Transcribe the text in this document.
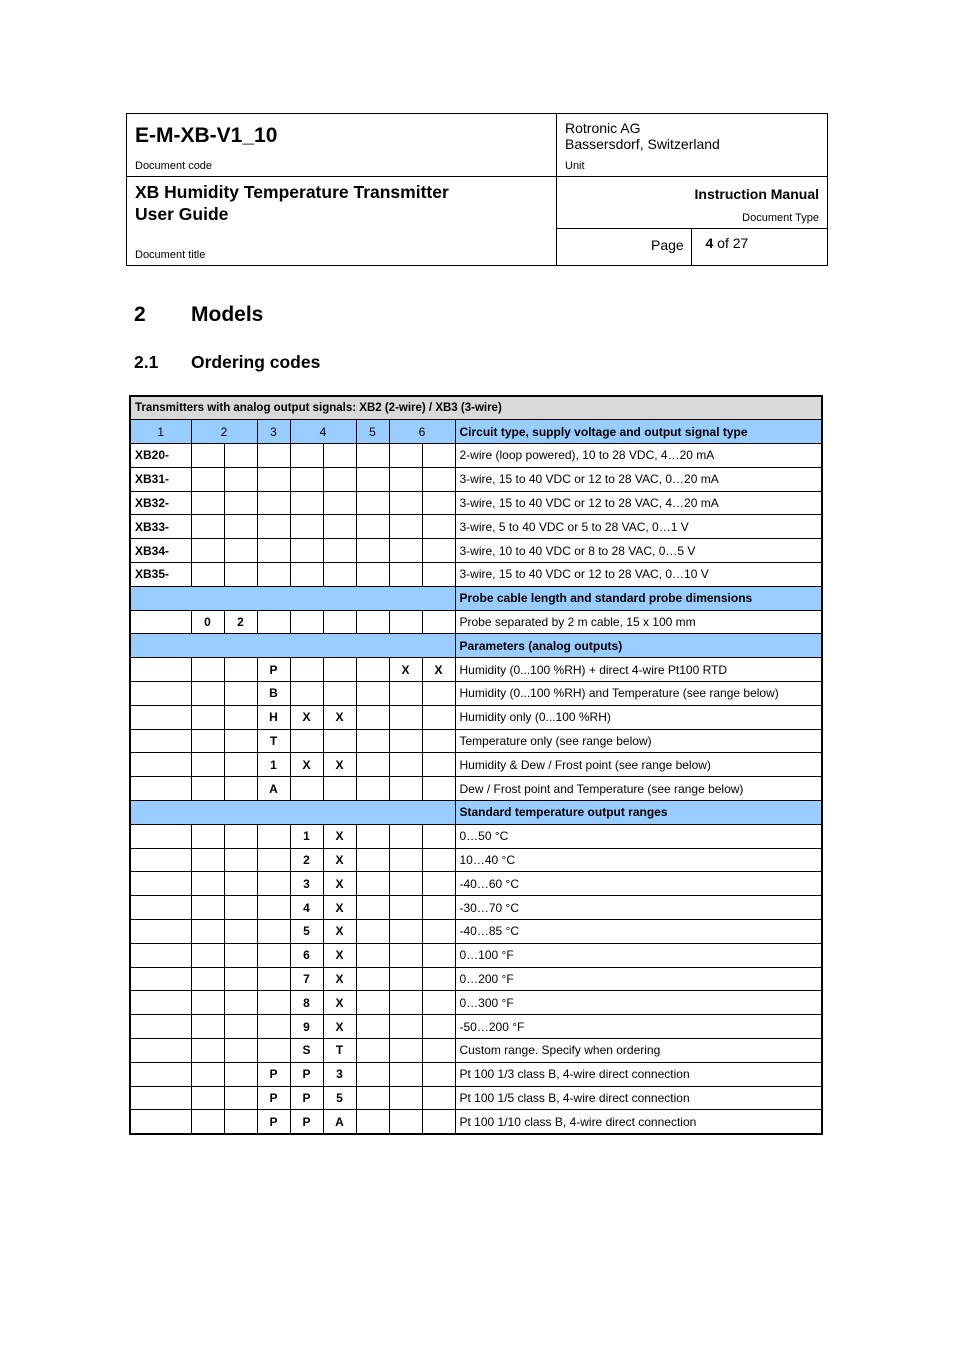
E-M-XB-V1_10
Document code
Rotronic AG
Bassersdorf, Switzerland
Unit
XB Humidity Temperature Transmitter
User Guide
Document title
Instruction Manual
Document Type
Page 4 of 27
2 Models
2.1 Ordering codes
Transmitters with analog output signals: XB2 (2-wire) / XB3 (3-wire)									
1	2		3	4		5	6		Circuit type, supply voltage and output signal type
XB20-									2-wire (loop powered), 10 to 28 VDC, 4…20 mA
XB31-									3-wire, 15 to 40 VDC or 12 to 28 VAC, 0…20 mA
XB32-									3-wire, 15 to 40 VDC or 12 to 28 VAC, 4…20 mA
XB33-									3-wire, 5 to 40 VDC or 5 to 28 VAC, 0…1 V
XB34-									3-wire, 10 to 40 VDC or 8 to 28 VAC, 0…5 V
XB35-									3-wire, 15 to 40 VDC or 12 to 28 VAC, 0…10 V
									Probe cable length and standard probe dimensions
	0	2							Probe separated by 2 m cable, 15 x 100 mm
									Parameters (analog outputs)
			P				X	X	Humidity (0...100 %RH) + direct 4-wire Pt100 RTD
			B						Humidity (0...100 %RH) and Temperature (see range below)
			H	X	X				Humidity only (0...100 %RH)
			T						Temperature only (see range below)
			1	X	X				Humidity & Dew / Frost point (see range below)
			A						Dew / Frost point and Temperature (see range below)
									Standard temperature output ranges
				1	X				0…50 °C
				2	X				10…40 °C
				3	X				-40…60 °C
				4	X				-30…70 °C
				5	X				-40…85 °C
				6	X				0…100 °F
				7	X				0…200 °F
				8	X				0…300 °F
				9	X				-50…200 °F
				S	T				Custom range. Specify when ordering
			P	P	3				Pt 100 1/3 class B, 4-wire direct connection
			P	P	5				Pt 100 1/5 class B, 4-wire direct connection
			P	P	A				Pt 100 1/10 class B, 4-wire direct connection
